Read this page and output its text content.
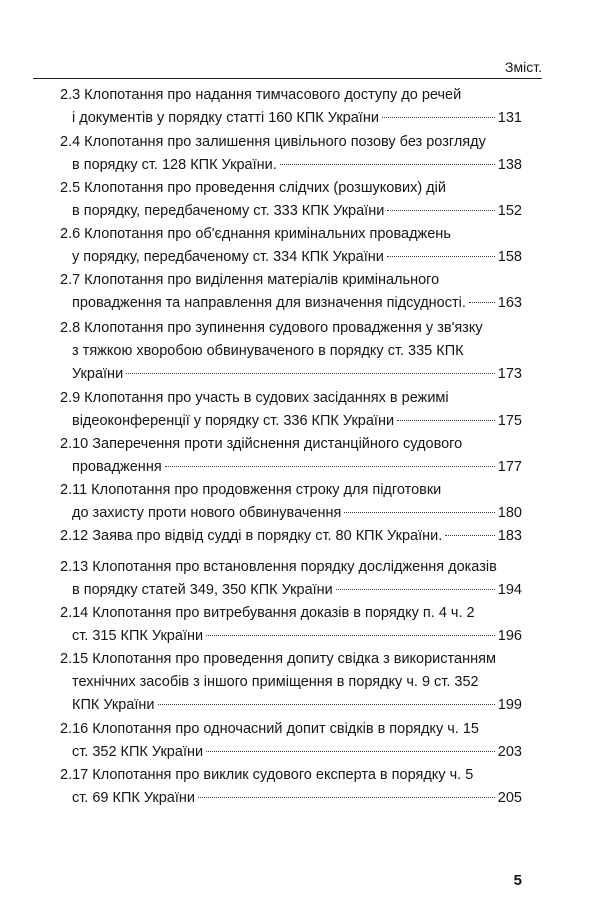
Зміст.
2.3 Клопотання про надання тимчасового доступу до речей
і документів у порядку статті 160 КПК України	131
2.4 Клопотання про залишення цивільного позову без розгляду
в порядку ст. 128 КПК України.	138
2.5 Клопотання про проведення слідчих (розшукових) дій
в порядку, передбаченому ст. 333 КПК України	152
2.6 Клопотання про об'єднання кримінальних проваджень
у порядку, передбаченому ст. 334 КПК України	158
2.7 Клопотання про виділення матеріалів кримінального
провадження та направлення для визначення підсудності. 163
2.8 Клопотання про зупинення судового провадження у зв'язку
з тяжкою хворобою обвинуваченого в порядку ст. 335 КПК
України	173
2.9 Клопотання про участь в судових засіданнях в режимі
відеоконференції у порядку ст. 336 КПК України	175
2.10 Заперечення проти здійснення дистанційного судового
провадження	177
2.11 Клопотання про продовження строку для підготовки
до захисту проти нового обвинувачення	180
2.12 Заява про відвід судді в порядку ст. 80 КПК України.	183
2.13 Клопотання про встановлення порядку дослідження доказів
в порядку статей 349, 350 КПК України	194
2.14 Клопотання про витребування доказів в порядку п. 4 ч. 2
ст. 315 КПК України	196
2.15 Клопотання про проведення допиту свідка з використанням
технічних засобів з іншого приміщення в порядку ч. 9 ст. 352
КПК України	199
2.16 Клопотання про одночасний допит свідків в порядку ч. 15
ст. 352 КПК України	203
2.17 Клопотання про виклик судового експерта в порядку ч. 5
ст. 69 КПК України	205
5
